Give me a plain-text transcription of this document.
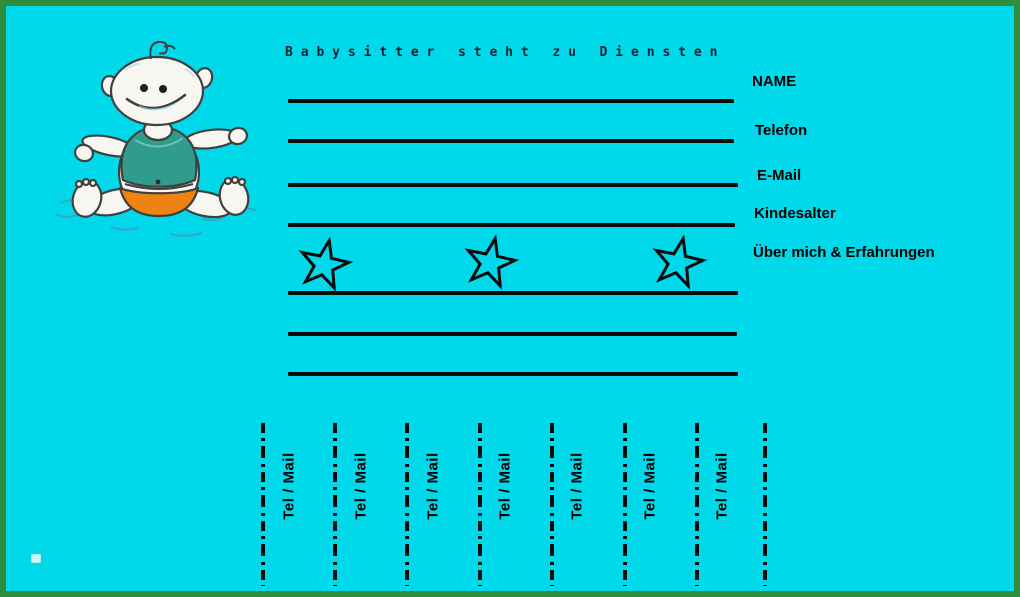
Babysitter steht zu Diensten
NAME
Telefon
E-Mail
Kindesalter
Über mich & Erfahrungen
Tel / Mail	Tel / Mail	Tel / Mail	Tel / Mail	Tel / Mail	Tel / Mail	Tel / Mail
